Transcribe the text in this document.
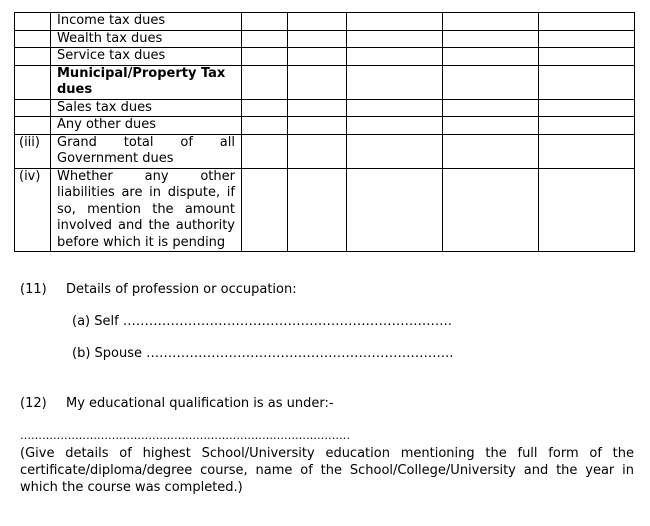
	Income tax dues					
	Wealth tax dues					
	Service tax dues					
	Municipal/Property Tax dues					
	Sales tax dues					
	Any other dues					
(iii)	Grand total of all Government dues					
(iv)	Whether any other liabilities are in dispute, if so, mention the amount involved and the authority before which it is pending					
(11) Details of profession or occupation:
(a) Self ………………………………………………………………….
(b) Spouse ……………………………………………………………..
(12) My educational qualification is as under:-
………………………………………………………………………………
(Give details of highest School/University education mentioning the full form of the certificate/diploma/degree course, name of the School/College/University and the year in which the course was completed.)
